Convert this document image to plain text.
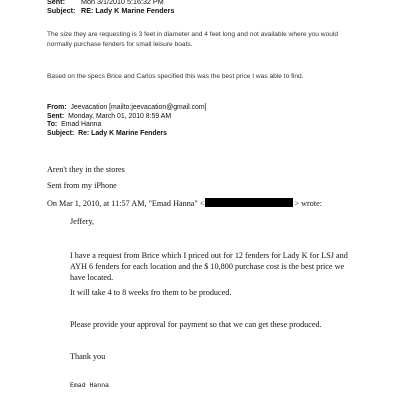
Sent: Mon 3/1/2010 5:16:32 PM
Subject: RE: Lady K Marine Fenders
The size they are requesting is 3 feet in diameter and 4 feet long and not available where you would normally purchase fenders for small leisure boats.
Based on the specs Brice and Carlos specified this was the best price I was able to find.
From: Jeevacation [mailto:jeevacation@gmail.com]
Sent: Monday, March 01, 2010 8:59 AM
To: Emad Hanna
Subject: Re: Lady K Marine Fenders
Aren't they in the stores
Sent from my iPhone
On Mar 1, 2010, at 11:57 AM, "Emad Hanna" <	> wrote:
Jeffery,
I have a request from Brice which I priced out for 12 fenders for Lady K for LSJ and AYH 6 fenders for each location and the $ 10,800 purchase cost is the best price we have located.
It will take 4 to 8 weeks fro them to be produced.
Please provide your approval for payment so that we can get these produced.
Thank you
Emad Hanna
